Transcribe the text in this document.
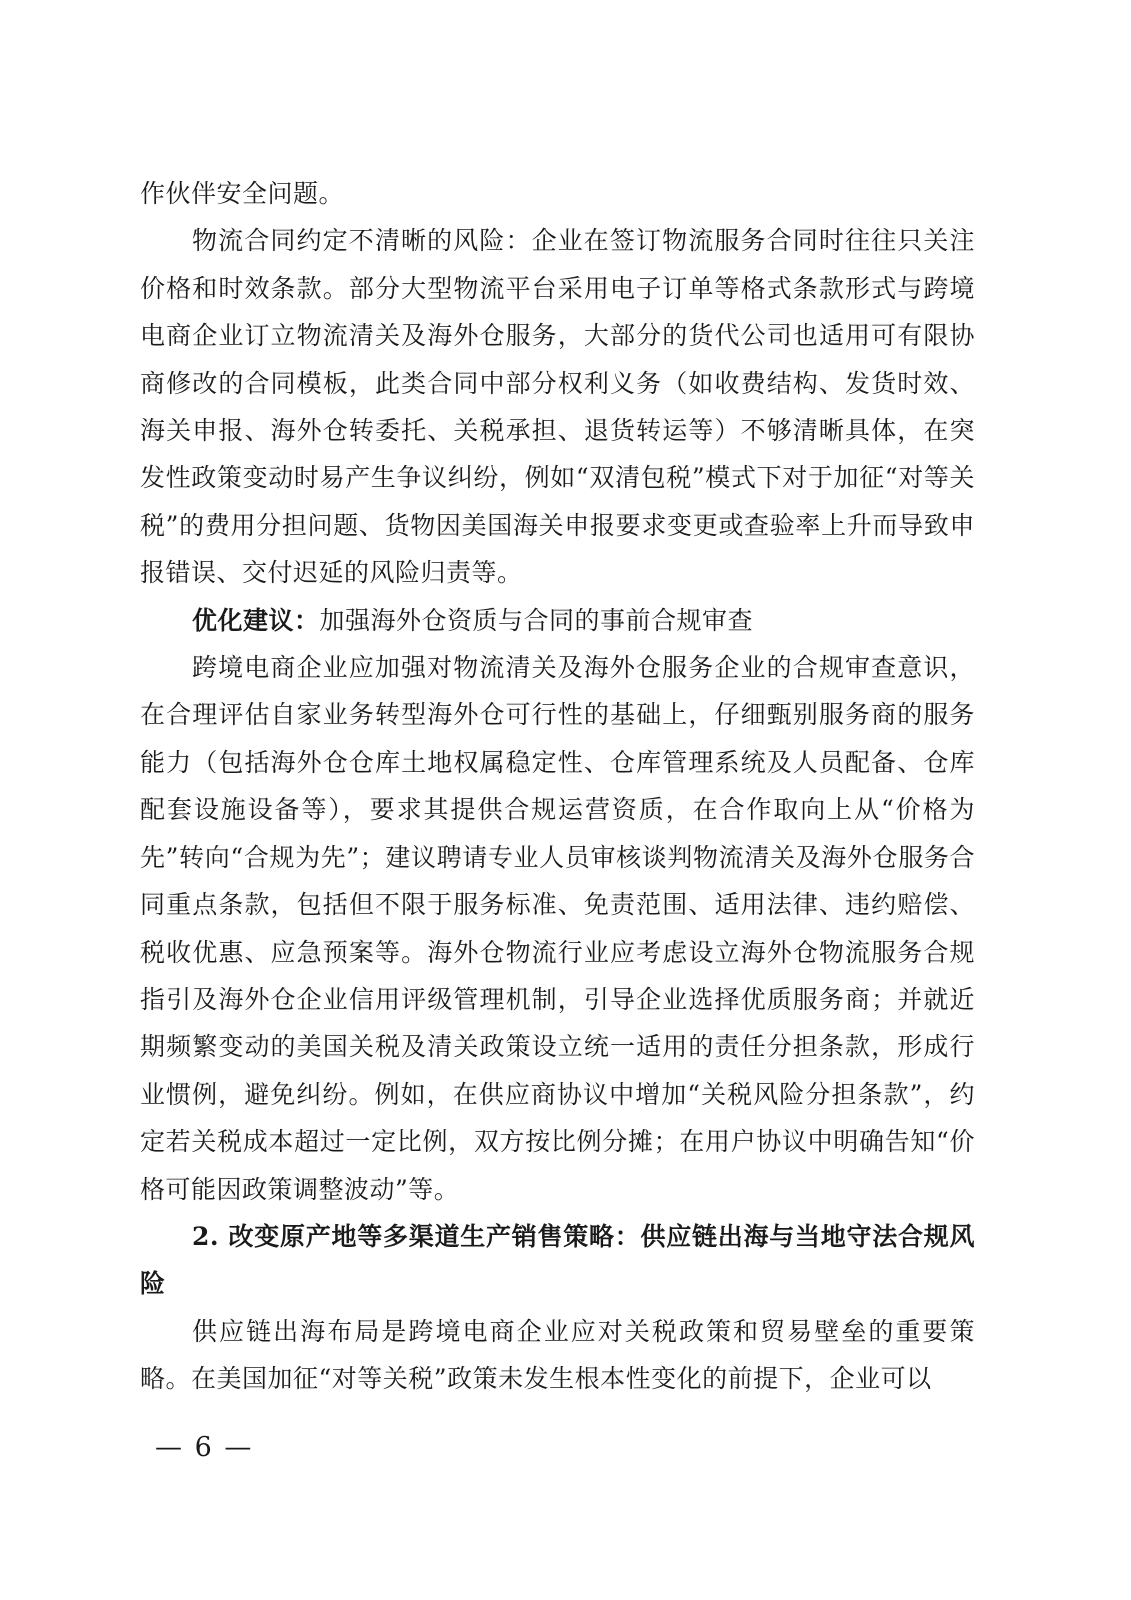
作伙伴安全问题。

物流合同约定不清晰的风险：企业在签订物流服务合同时往往只关注价格和时效条款。部分大型物流平台采用电子订单等格式条款形式与跨境电商企业订立物流清关及海外仓服务，大部分的货代公司也适用可有限协商修改的合同模板，此类合同中部分权利义务（如收费结构、发货时效、海关申报、海外仓转委托、关税承担、退货转运等）不够清晰具体，在突发性政策变动时易产生争议纠纷，例如“双清包税”模式下对于加征“对等关税”的费用分担问题、货物因美国海关申报要求变更或查验率上升而导致申报错误、交付迟延的风险归责等。

优化建议：加强海外仓资质与合同的事前合规审查

跨境电商企业应加强对物流清关及海外仓服务企业的合规审查意识，在合理评估自家业务转型海外仓可行性的基础上，仔细甄别服务商的服务能力（包括海外仓仓库土地权属稳定性、仓库管理系统及人员配备、仓库配套设施设备等），要求其提供合规运营资质，在合作取向上从“价格为先”转向“合规为先”；建议聘请专业人员审核谈判物流清关及海外仓服务合同重点条款，包括但不限于服务标准、免责范围、适用法律、违约赔偿、税收优惠、应急预案等。海外仓物流行业应考虑设立海外仓物流服务合规指引及海外仓企业信用评级管理机制，引导企业选择优质服务商；并就近期频繁变动的美国关税及清关政策设立统一适用的责任分担条款，形成行业惯例，避免纠纷。例如，在供应商协议中增加“关税风险分担条款”，约定若关税成本超过一定比例，双方按比例分摊；在用户协议中明确告知“价格可能因政策调整波动”等。

2. 改变原产地等多渠道生产销售策略：供应链出海与当地守法合规风险

供应链出海布局是跨境电商企业应对关税政策和贸易壁垒的重要策略。在美国加征“对等关税”政策未发生根本性变化的前提下，企业可以

— 6 —
